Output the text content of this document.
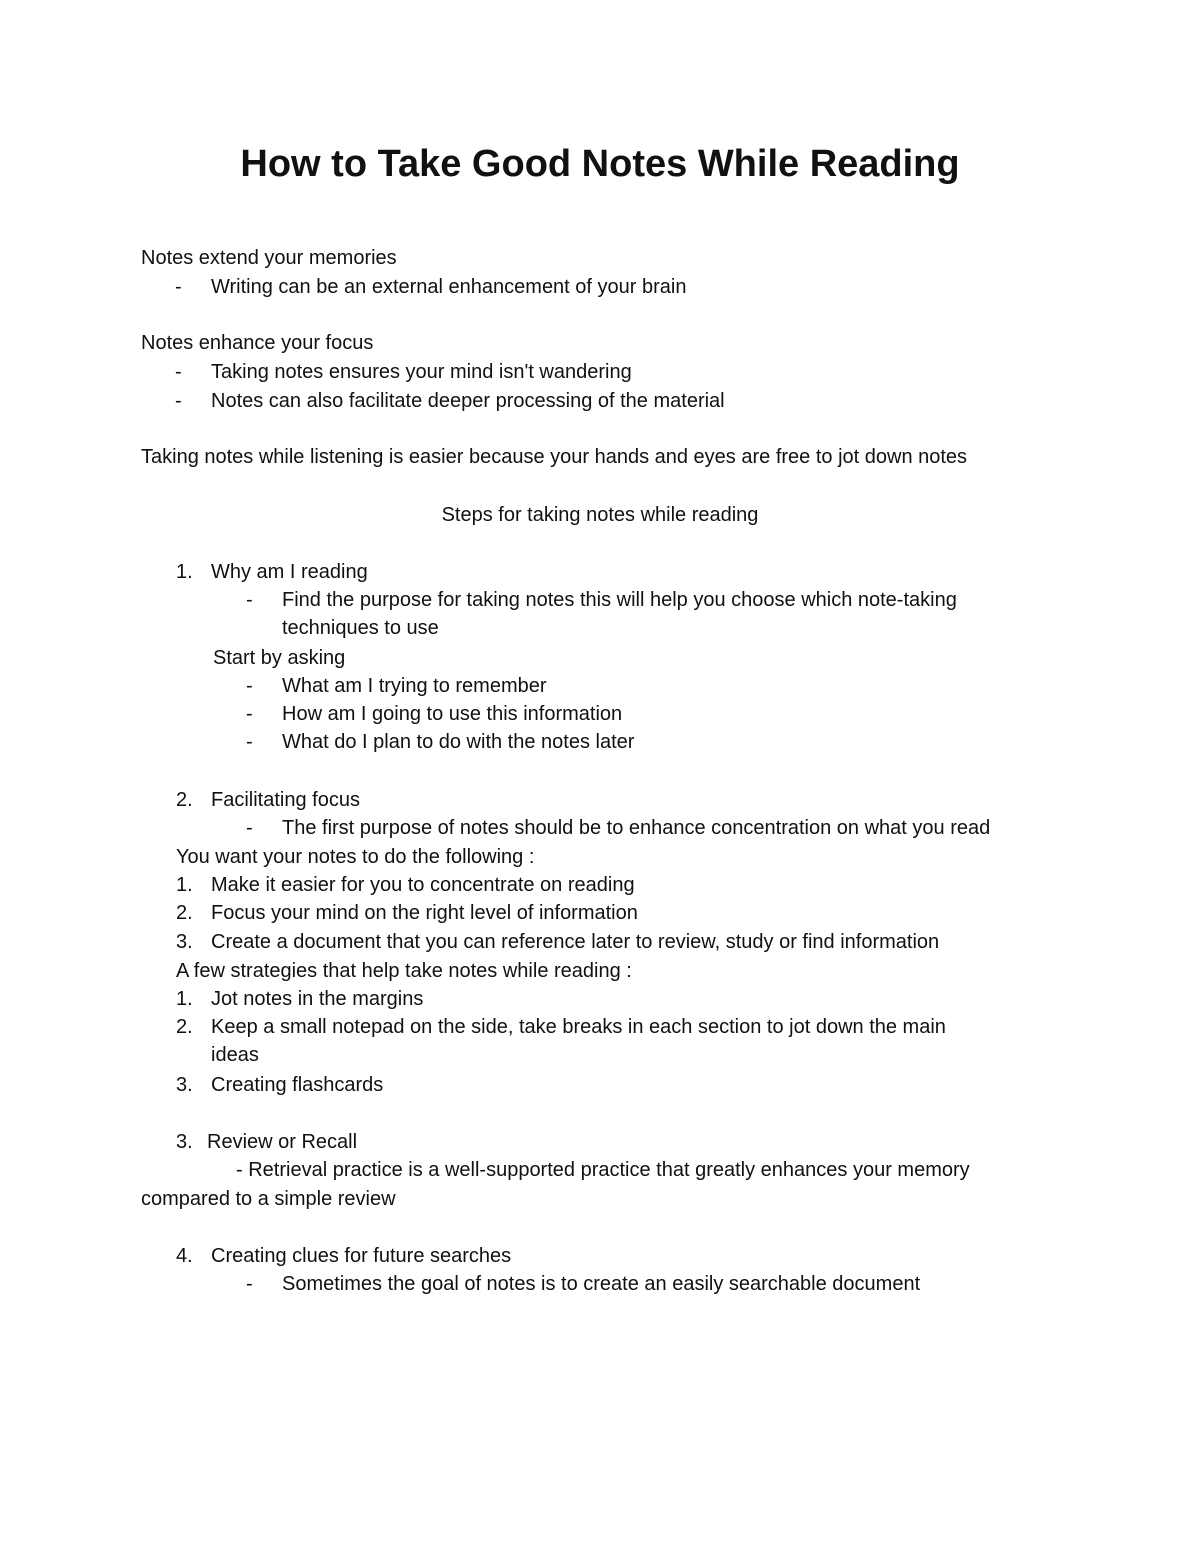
How to Take Good Notes While Reading
Notes extend your memories
- Writing can be an external enhancement of your brain
Notes enhance your focus
- Taking notes ensures your mind isn't wandering
- Notes can also facilitate deeper processing of the material
Taking notes while listening is easier because your hands and eyes are free to jot down notes
Steps for taking notes while reading
1. Why am I reading
- Find the purpose for taking notes this will help you choose which note-taking
techniques to use
Start by asking
- What am I trying to remember
- How am I going to use this information
- What do I plan to do with the notes later
2. Facilitating focus
- The first purpose of notes should be to enhance concentration on what you read
You want your notes to do the following :
1. Make it easier for you to concentrate on reading
2. Focus your mind on the right level of information
3. Create a document that you can reference later to review, study or find information
A few strategies that help take notes while reading :
1. Jot notes in the margins
2. Keep a small notepad on the side, take breaks in each section to jot down the main
ideas
3. Creating flashcards
3. Review or Recall
- Retrieval practice is a well-supported practice that greatly enhances your memory
compared to a simple review
4. Creating clues for future searches
- Sometimes the goal of notes is to create an easily searchable document
